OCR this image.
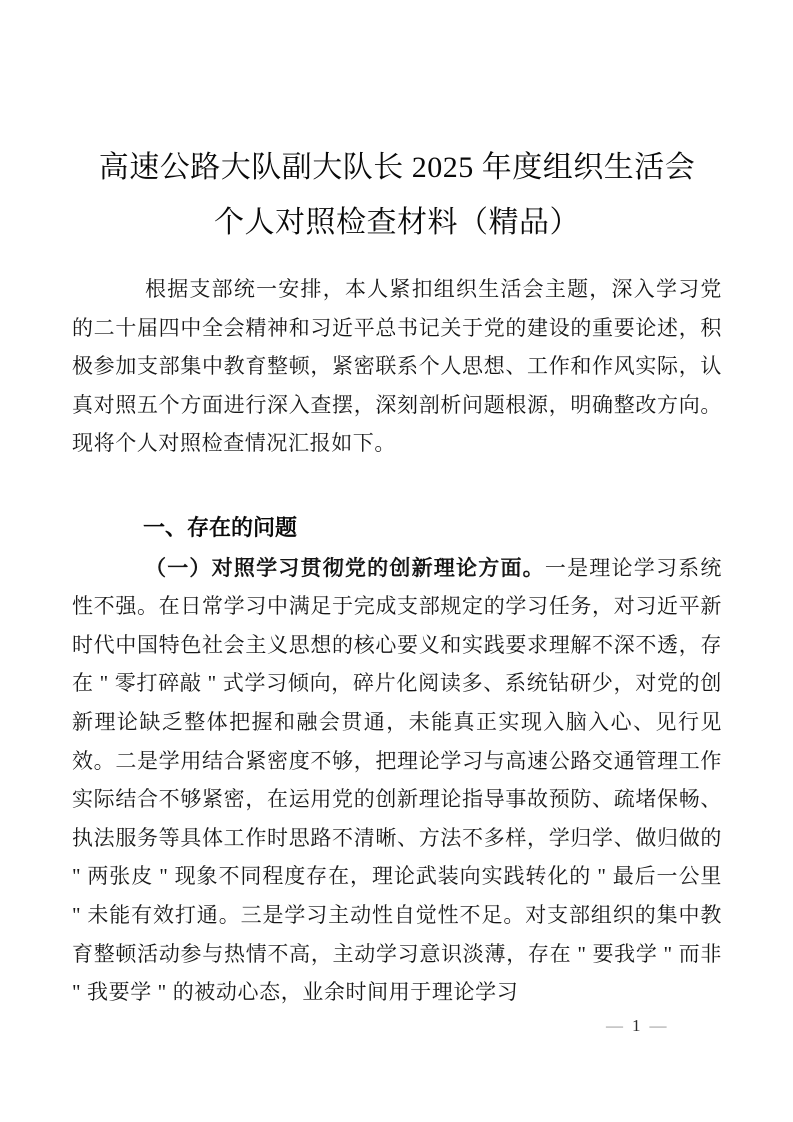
高速公路大队副大队长 2025 年度组织生活会
个人对照检查材料（精品）

根据支部统一安排，本人紧扣组织生活会主题，深入学习党的二十届四中全会精神和习近平总书记关于党的建设的重要论述，积极参加支部集中教育整顿，紧密联系个人思想、工作和作风实际，认真对照五个方面进行深入查摆，深刻剖析问题根源，明确整改方向。现将个人对照检查情况汇报如下。

一、存在的问题

（一）对照学习贯彻党的创新理论方面。一是理论学习系统性不强。在日常学习中满足于完成支部规定的学习任务，对习近平新时代中国特色社会主义思想的核心要义和实践要求理解不深不透，存在 " 零打碎敲 " 式学习倾向，碎片化阅读多、系统钻研少，对党的创新理论缺乏整体把握和融会贯通，未能真正实现入脑入心、见行见效。二是学用结合紧密度不够，把理论学习与高速公路交通管理工作实际结合不够紧密，在运用党的创新理论指导事故预防、疏堵保畅、执法服务等具体工作时思路不清晰、方法不多样，学归学、做归做的 " 两张皮 " 现象不同程度存在，理论武装向实践转化的 " 最后一公里 " 未能有效打通。三是学习主动性自觉性不足。对支部组织的集中教育整顿活动参与热情不高，主动学习意识淡薄，存在 " 要我学 " 而非 " 我要学 " 的被动心态，业余时间用于理论学习

— 1 —
